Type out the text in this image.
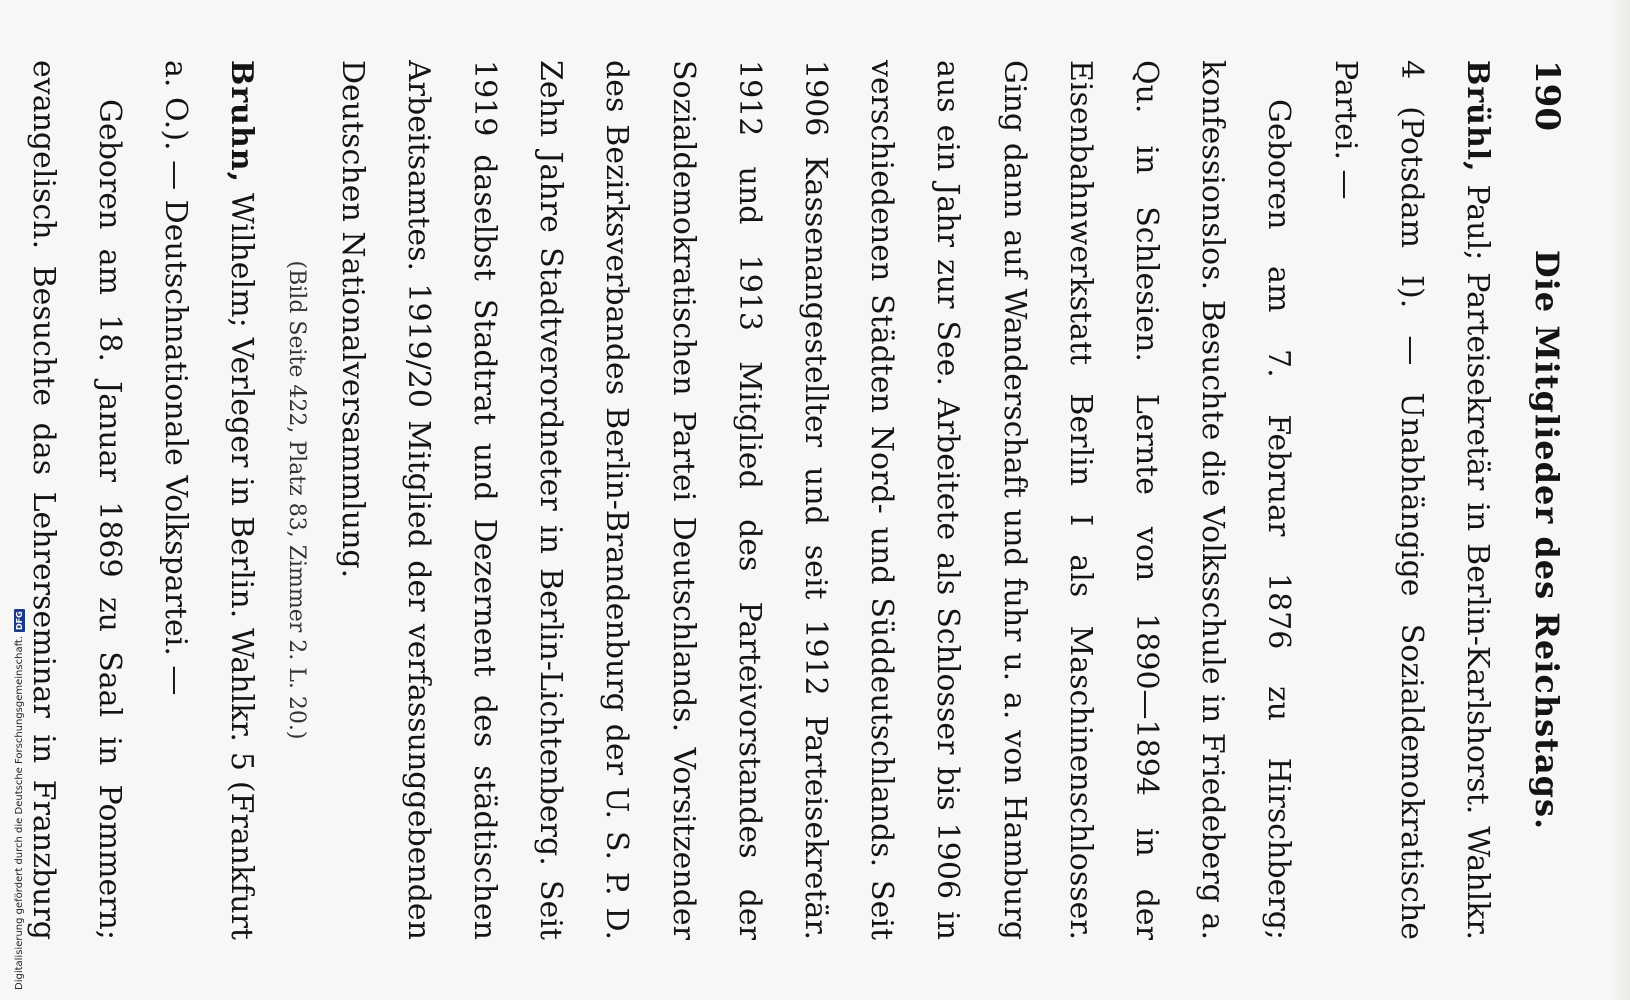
190
Die Mitglieder des Reichstags.

Brühl, Paul; Parteisekretär in Berlin-Karlshorst. Wahlkr. 4 (Potsdam I). — Unabhängige Sozialdemokratische Partei. —

Geboren am 7. Februar 1876 zu Hirschberg; konfessionslos. Besuchte die Volksschule in Friedeberg a. Qu. in Schlesien. Lernte von 1890—1894 in der Eisenbahnwerkstatt Berlin I als Maschinenschlosser. Ging dann auf Wanderschaft und fuhr u. a. von Hamburg aus ein Jahr zur See. Arbeitete als Schlosser bis 1906 in verschiedenen Städten Nord- und Süddeutschlands. Seit 1906 Kassenangestellter und seit 1912 Parteisekretär. 1912 und 1913 Mitglied des Parteivorstandes der Sozialdemokratischen Partei Deutschlands. Vorsitzender des Bezirksverbandes Berlin-Brandenburg der U. S. P. D. Zehn Jahre Stadtverordneter in Berlin-Lichtenberg. Seit 1919 daselbst Stadtrat und Dezernent des städtischen Arbeitsamtes. 1919/20 Mitglied der verfassunggebenden Deutschen Nationalversammlung.

(Bild Seite 422, Platz 83, Zimmer 2. L. 20.)

Bruhn, Wilhelm; Verleger in Berlin. Wahlkr. 5 (Frankfurt a. O.). — Deutschnationale Volkspartei. —

Geboren am 18. Januar 1869 zu Saal in Pommern; evangelisch. Besuchte das Lehrerseminar in Franzburg

Digitalisierung gefördert durch die Deutsche Forschungsgemeinschaft.
DFG
